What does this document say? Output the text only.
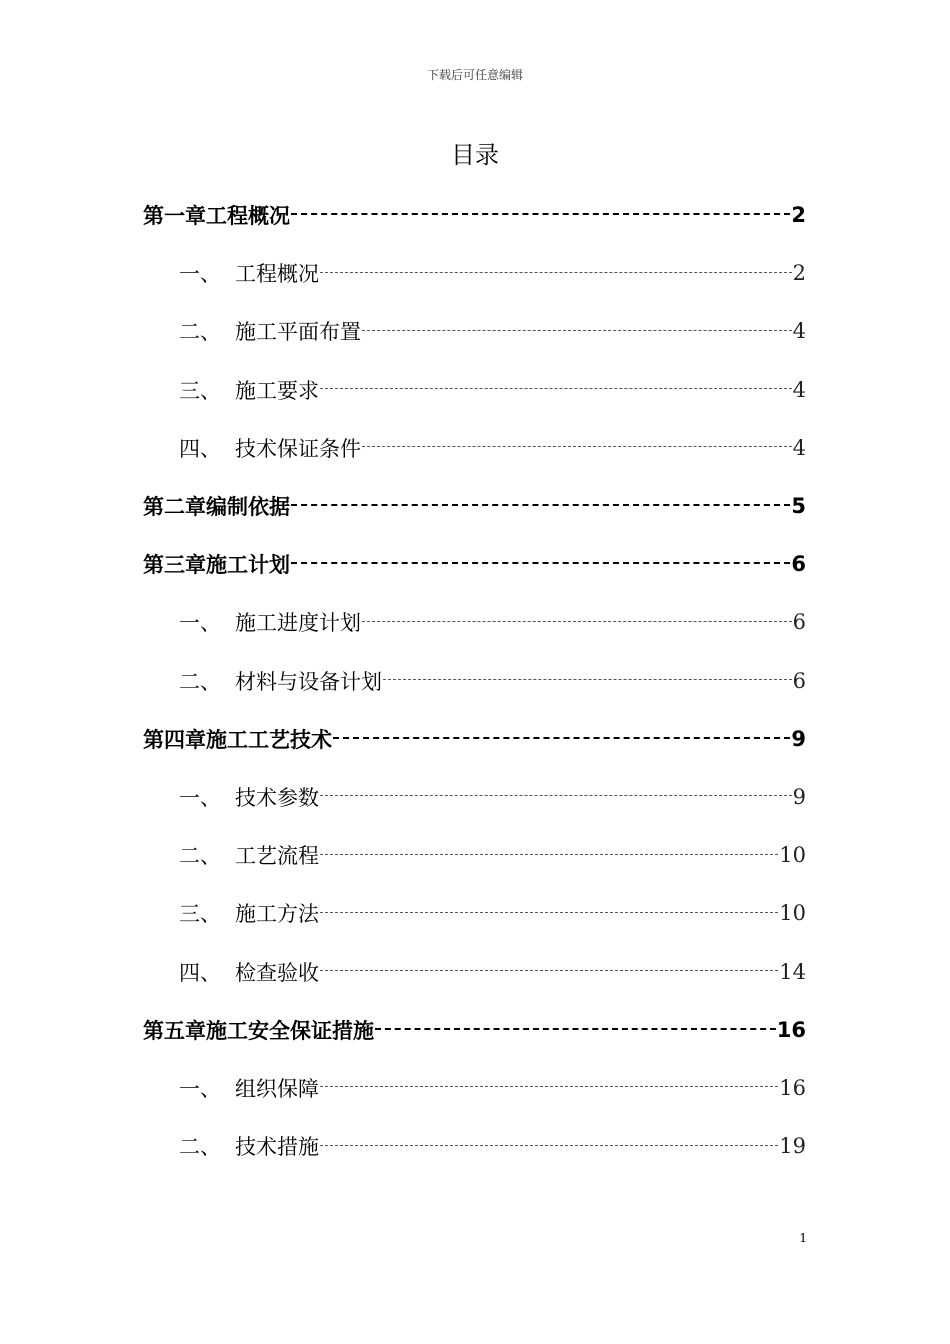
下载后可任意编辑
目录
第一章工程概况	2
一、 工程概况	2
二、 施工平面布置	4
三、 施工要求	4
四、 技术保证条件	4
第二章编制依据	5
第三章施工计划	6
一、 施工进度计划	6
二、 材料与设备计划	6
第四章施工工艺技术	9
一、 技术参数	9
二、 工艺流程	10
三、 施工方法	10
四、 检查验收	14
第五章施工安全保证措施	16
一、 组织保障	16
二、 技术措施	19
1
